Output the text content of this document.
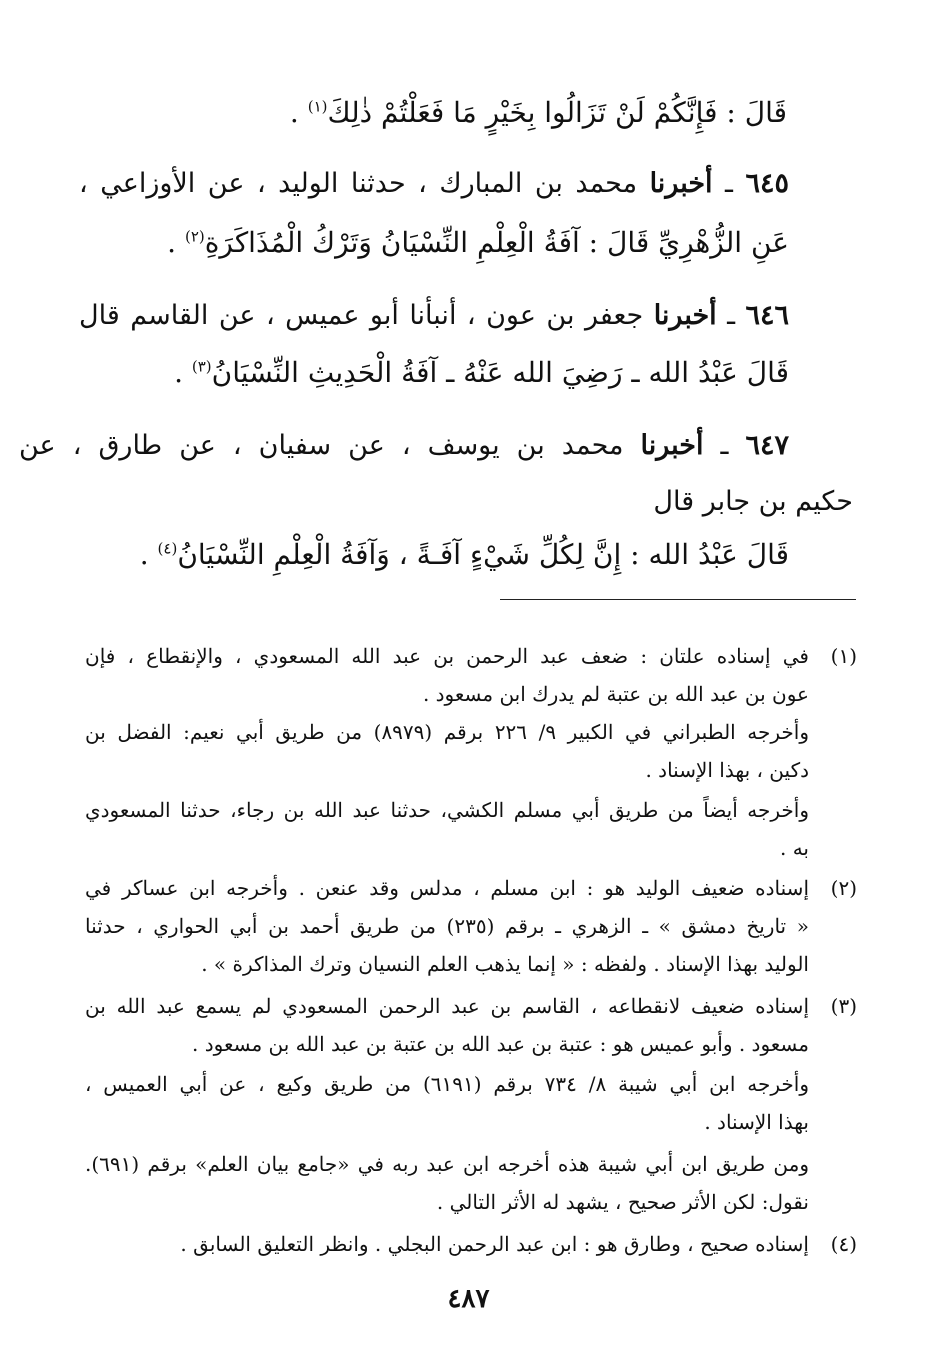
قَالَ : فَإِنَّكُمْ لَنْ تَزَالُوا بِخَيْرٍ مَا فَعَلْتُمْ ذٰلِكَ$^{(١)}$ .
٦٤٥ ـ أخبرنا محمد بن المبارك ، حدثنا الوليد ، عن الأوزاعي ،
عَنِ الزُّهْرِيِّ قَالَ : آفَةُ الْعِلْمِ النِّسْيَانُ وَتَرْكُ الْمُذَاكَرَةِ$^{(٢)}$ .
٦٤٦ ـ أخبرنا جعفر بن عون ، أنبأنا أبو عميس ، عن القاسم قال
قَالَ عَبْدُ الله ـ رَضِيَ الله عَنْهُ ـ آفَةُ الْحَدِيثِ النِّسْيَانُ$^{(٣)}$ .
٦٤٧ ـ أخبرنا محمد بن يوسف ، عن سفيان ، عن طارق ، عن
حكيم بن جابر قال
قَالَ عَبْدُ الله : إِنَّ لِكُلِّ شَيْءٍ آفَـةً ، وَآفَةُ الْعِلْمِ النِّسْيَانُ$^{(٤)}$ .
(١)
في إسناده علتان : ضعف عبد الرحمن بن عبد الله المسعودي ، والإنقطاع ، فإن
عون بن عبد الله بن عتبة لم يدرك ابن مسعود .
وأخرجه الطبراني في الكبير ٩/ ٢٢٦ برقم (٨٩٧٩) من طريق أبي نعيم: الفضل بن
دكين ، بهذا الإسناد .
وأخرجه أيضاً من طريق أبي مسلم الكشي، حدثنا عبد الله بن رجاء، حدثنا المسعودي
به .
(٢)
إسناده ضعيف الوليد هو : ابن مسلم ، مدلس وقد عنعن . وأخرجه ابن عساكر في
« تاريخ دمشق » ـ الزهري ـ برقم (٢٣٥) من طريق أحمد بن أبي الحواري ، حدثنا
الوليد بهذا الإسناد . ولفظه : « إنما يذهب العلم النسيان وترك المذاكرة » .
(٣)
إسناده ضعيف لانقطاعه ، القاسم بن عبد الرحمن المسعودي لم يسمع عبد الله بن
مسعود . وأبو عميس هو : عتبة بن عبد الله بن عتبة بن عبد الله بن مسعود .
وأخرجه ابن أبي شيبة ٨/ ٧٣٤ برقم (٦١٩١) من طريق وكيع ، عن أبي العميس ،
بهذا الإسناد .
ومن طريق ابن أبي شيبة هذه أخرجه ابن عبد ربه في «جامع بيان العلم» برقم (٦٩١).
نقول: لكن الأثر صحيح ، يشهد له الأثر التالي .
(٤)
إسناده صحيح ، وطارق هو : ابن عبد الرحمن البجلي . وانظر التعليق السابق .
٤٨٧
